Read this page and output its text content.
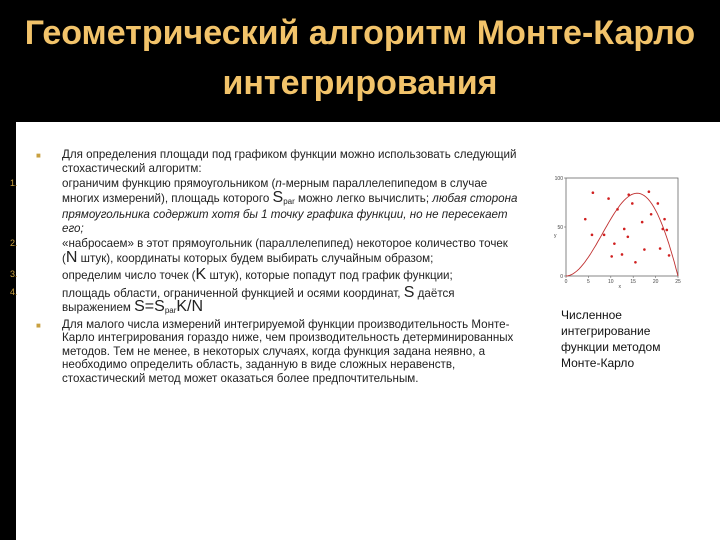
Геометрический алгоритм Монте-Карло интегрирования
■ Для определения площади под графиком функции можно использовать следующий стохастический алгоритм:
1.	ограничим функцию прямоугольником (n-мерным параллелепипедом в случае многих измерений), площадь которого $S_{par}$ можно легко вычислить; любая сторона прямоугольника содержит хотя бы 1 точку графика функции, но не пересекает его;
2.	«набросаем» в этот прямоугольник (параллелепипед) некоторое количество точек (N штук), координаты которых будем выбирать случайным образом;
3.	определим число точек (K штук), которые попадут под график функции;
4.	площадь области, ограниченной функцией и осями координат, S даётся выражением $S=S_{par}K/N$
■ Для малого числа измерений интегрируемой функции производительность Монте-Карло интегрирования гораздо ниже, чем производительность детерминированных методов. Тем не менее, в некоторых случаях, когда функция задана неявно, а необходимо определить область, заданную в виде сложных неравенств, стохастический метод может оказаться более предпочтительным.
100
50
0
0	5	10	15	20	25
y
x
Численное
интегрирование
функции методом
Монте-Карло
